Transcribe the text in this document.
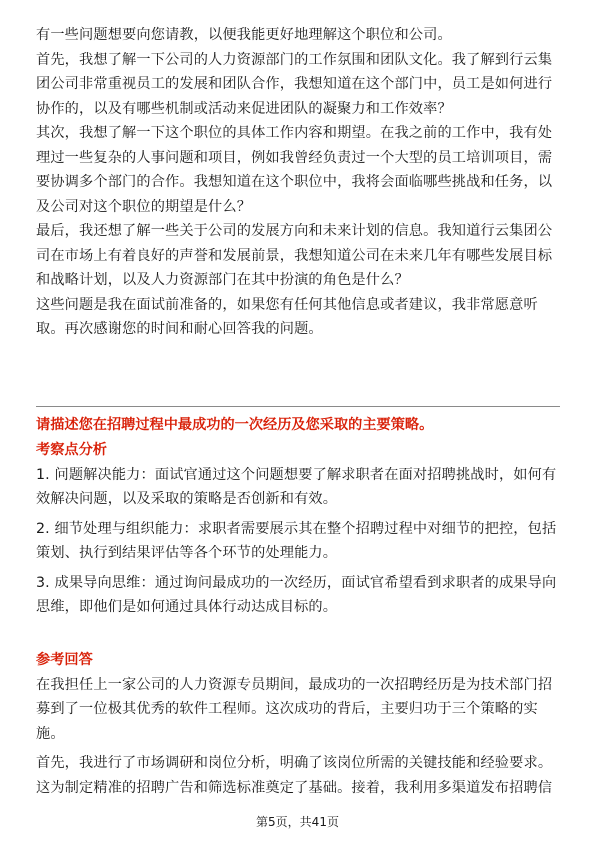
有一些问题想要向您请教，以便我能更好地理解这个职位和公司。

首先，我想了解一下公司的人力资源部门的工作氛围和团队文化。我了解到行云集团公司非常重视员工的发展和团队合作，我想知道在这个部门中，员工是如何进行协作的，以及有哪些机制或活动来促进团队的凝聚力和工作效率？

其次，我想了解一下这个职位的具体工作内容和期望。在我之前的工作中，我有处理过一些复杂的人事问题和项目，例如我曾经负责过一个大型的员工培训项目，需要协调多个部门的合作。我想知道在这个职位中，我将会面临哪些挑战和任务，以及公司对这个职位的期望是什么？

最后，我还想了解一些关于公司的发展方向和未来计划的信息。我知道行云集团公司在市场上有着良好的声誉和发展前景，我想知道公司在未来几年有哪些发展目标和战略计划，以及人力资源部门在其中扮演的角色是什么？

这些问题是我在面试前准备的，如果您有任何其他信息或者建议，我非常愿意听取。再次感谢您的时间和耐心回答我的问题。

请描述您在招聘过程中最成功的一次经历及您采取的主要策略。
考察点分析

1. 问题解决能力：面试官通过这个问题想要了解求职者在面对招聘挑战时，如何有效解决问题，以及采取的策略是否创新和有效。

2. 细节处理与组织能力：求职者需要展示其在整个招聘过程中对细节的把控，包括策划、执行到结果评估等各个环节的处理能力。

3. 成果导向思维：通过询问最成功的一次经历，面试官希望看到求职者的成果导向思维，即他们是如何通过具体行动达成目标的。

参考回答

在我担任上一家公司的人力资源专员期间，最成功的一次招聘经历是为技术部门招募到了一位极其优秀的软件工程师。这次成功的背后，主要归功于三个策略的实施。

首先，我进行了市场调研和岗位分析，明确了该岗位所需的关键技能和经验要求。这为制定精准的招聘广告和筛选标准奠定了基础。接着，我利用多渠道发布招聘信

第5页，共41页
